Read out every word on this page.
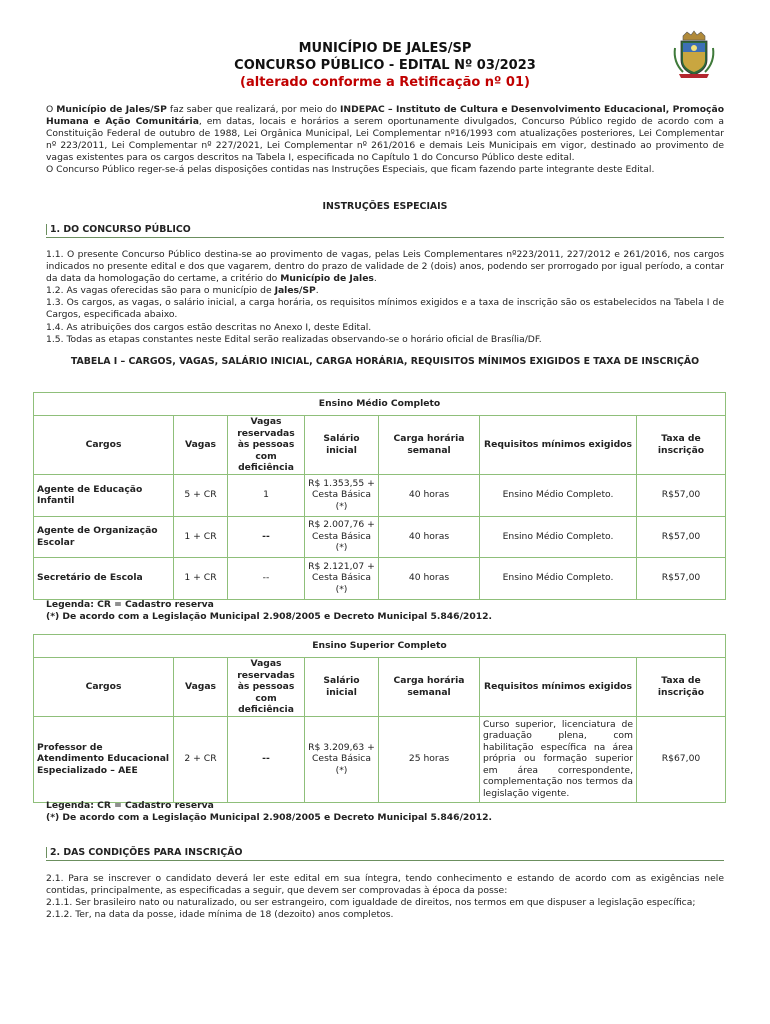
MUNICÍPIO DE JALES/SP
CONCURSO PÚBLICO - EDITAL Nº 03/2023
(alterado conforme a Retificação nº 01)

O Município de Jales/SP faz saber que realizará, por meio do INDEPAC – Instituto de Cultura e Desenvolvimento Educacional, Promoção Humana e Ação Comunitária, em datas, locais e horários a serem oportunamente divulgados, Concurso Público regido de acordo com a Constituição Federal de outubro de 1988, Lei Orgânica Municipal, Lei Complementar nº16/1993 com atualizações posteriores, Lei Complementar nº 223/2011, Lei Complementar nº 227/2021, Lei Complementar nº 261/2016 e demais Leis Municipais em vigor, destinado ao provimento de vagas existentes para os cargos descritos na Tabela I, especificada no Capítulo 1 do Concurso Público deste edital.

O Concurso Público reger-se-á pelas disposições contidas nas Instruções Especiais, que ficam fazendo parte integrante deste Edital.

INSTRUÇÕES ESPECIAIS
1. DO CONCURSO PÚBLICO

1.1. O presente Concurso Público destina-se ao provimento de vagas, pelas Leis Complementares nº223/2011, 227/2012 e 261/2016, nos cargos indicados no presente edital e dos que vagarem, dentro do prazo de validade de 2 (dois) anos, podendo ser prorrogado por igual período, a contar da data da homologação do certame, a critério do Município de Jales.

1.2. As vagas oferecidas são para o município de Jales/SP.

1.3. Os cargos, as vagas, o salário inicial, a carga horária, os requisitos mínimos exigidos e a taxa de inscrição são os estabelecidos na Tabela I de Cargos, especificada abaixo.

1.4. As atribuições dos cargos estão descritas no Anexo I, deste Edital.

1.5. Todas as etapas constantes neste Edital serão realizadas observando-se o horário oficial de Brasília/DF.

TABELA I – CARGOS, VAGAS, SALÁRIO INICIAL, CARGA HORÁRIA, REQUISITOS MÍNIMOS EXIGIDOS E TAXA DE INSCRIÇÃO
Ensino Médio Completo						
Cargos	Vagas	Vagas reservadas às pessoas com deficiência	Salário inicial	Carga horária semanal	Requisitos mínimos exigidos	Taxa de inscrição
Agente de Educação Infantil	5 + CR	1	R$ 1.353,55 + Cesta Básica (*)	40 horas	Ensino Médio Completo.	R$57,00
Agente de Organização Escolar	1 + CR	--	R$ 2.007,76 + Cesta Básica (*)	40 horas	Ensino Médio Completo.	R$57,00
Secretário de Escola	1 + CR	--	R$ 2.121,07 + Cesta Básica (*)	40 horas	Ensino Médio Completo.	R$57,00
Legenda: CR = Cadastro reserva
(*) De acordo com a Legislação Municipal 2.908/2005 e Decreto Municipal 5.846/2012.
Ensino Superior Completo						
Cargos	Vagas	Vagas reservadas às pessoas com deficiência	Salário inicial	Carga horária semanal	Requisitos mínimos exigidos	Taxa de inscrição
Professor de Atendimento Educacional Especializado – AEE	2 + CR	--	R$ 3.209,63 + Cesta Básica (*)	25 horas	Curso superior, licenciatura de graduação plena, com habilitação específica na área própria ou formação superior em área correspondente, complementação nos termos da legislação vigente.	R$67,00
Legenda: CR = Cadastro reserva
(*) De acordo com a Legislação Municipal 2.908/2005 e Decreto Municipal 5.846/2012.
2. DAS CONDIÇÕES PARA INSCRIÇÃO

2.1. Para se inscrever o candidato deverá ler este edital em sua íntegra, tendo conhecimento e estando de acordo com as exigências nele contidas, principalmente, as especificadas a seguir, que devem ser comprovadas à época da posse:

2.1.1. Ser brasileiro nato ou naturalizado, ou ser estrangeiro, com igualdade de direitos, nos termos em que dispuser a legislação específica;

2.1.2. Ter, na data da posse, idade mínima de 18 (dezoito) anos completos.
